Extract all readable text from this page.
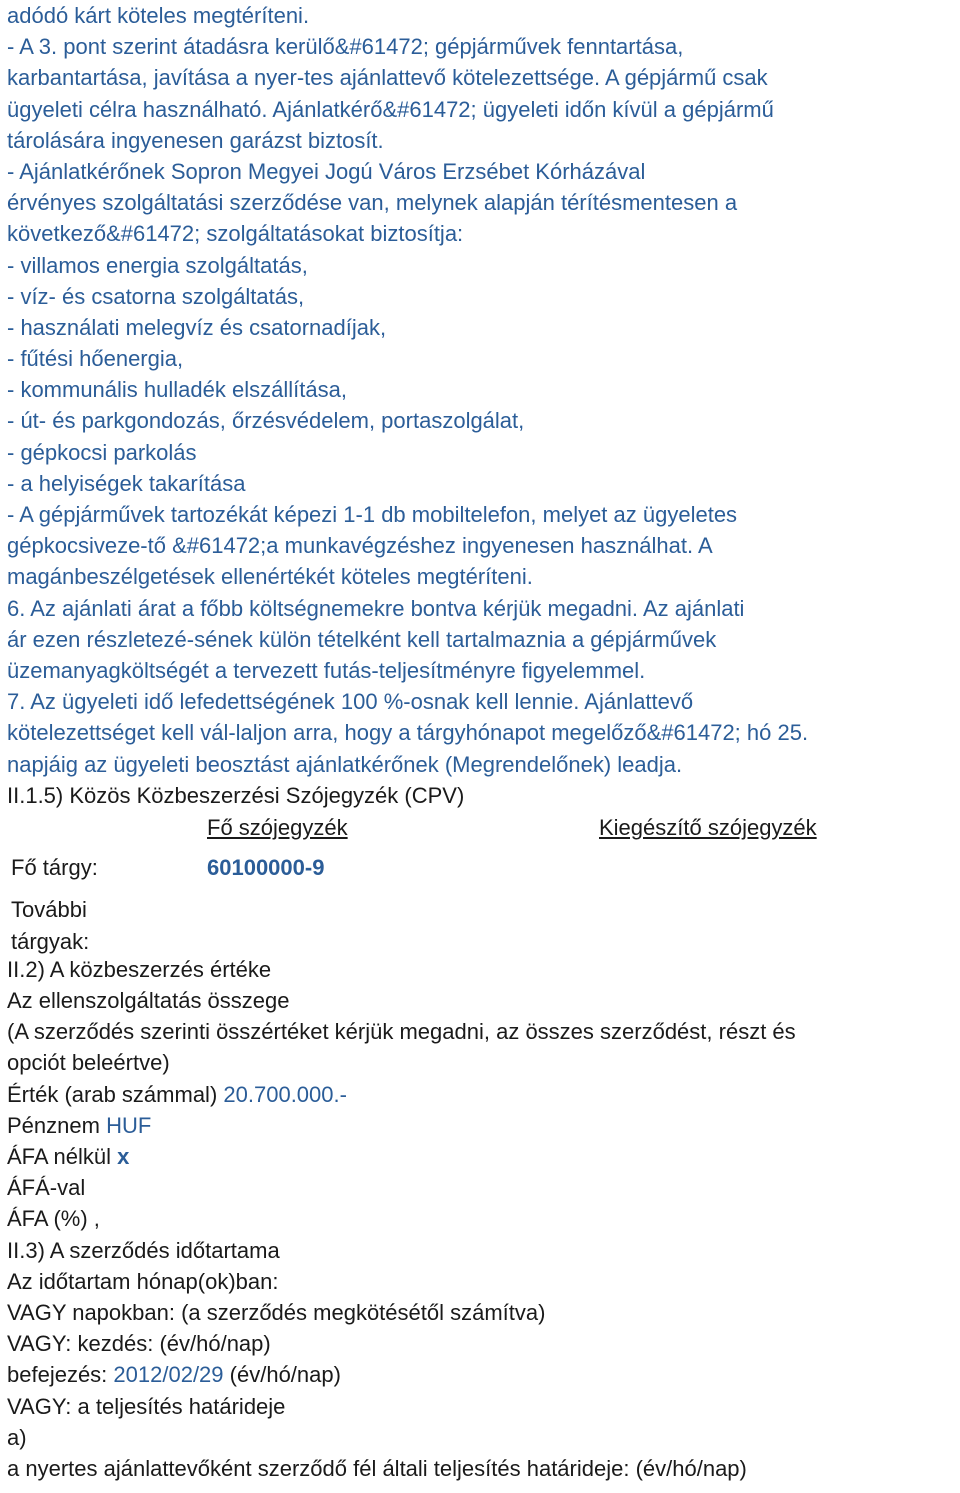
adódó kárt köteles megtéríteni.
- A 3. pont szerint átadásra kerülő&#61472; gépjárművek fenntartása,
karbantartása, javítása a nyer-tes ajánlattevő kötelezettsége. A gépjármű csak
ügyeleti célra használható. Ajánlatkérő&#61472; ügyeleti időn kívül a gépjármű
tárolására ingyenesen garázst biztosít.
- Ajánlatkérőnek Sopron Megyei Jogú Város Erzsébet Kórházával
érvényes szolgáltatási szerződése van, melynek alapján térítésmentesen a
következő&#61472; szolgáltatásokat biztosítja:
- villamos energia szolgáltatás,
- víz- és csatorna szolgáltatás,
- használati melegvíz és csatornadíjak,
- fűtési hőenergia,
- kommunális hulladék elszállítása,
- út- és parkgondozás, őrzésvédelem, portaszolgálat,
- gépkocsi parkolás
- a helyiségek takarítása
- A gépjárművek tartozékát képezi 1-1 db mobiltelefon, melyet az ügyeletes
gépkocsiveze-tő &#61472;a munkavégzéshez ingyenesen használhat. A
magánbeszélgetések ellenértékét köteles megtéríteni.
6. Az ajánlati árat a főbb költségnemekre bontva kérjük megadni. Az ajánlati
ár ezen részletezé-sének külön tételként kell tartalmaznia a gépjárművek
üzemanyagköltségét a tervezett futás-teljesítményre figyelemmel.
7. Az ügyeleti idő lefedettségének 100 %-osnak kell lennie. Ajánlattevő
kötelezettséget kell vál-laljon arra, hogy a tárgyhónapot megelőző&#61472; hó 25.
napjáig az ügyeleti beosztást ajánlatkérőnek (Megrendelőnek) leadja.
II.1.5) Közös Közbeszerzési Szójegyzék (CPV)
Fő szójegyzék	Kiegészítő szójegyzék
Fő tárgy:	60100000-9
További
tárgyak:
II.2) A közbeszerzés értéke
Az ellenszolgáltatás összege
(A szerződés szerinti összértéket kérjük megadni, az összes szerződést, részt és
opciót beleértve)
Érték (arab számmal) 20.700.000.-
Pénznem HUF
ÁFA nélkül x
ÁFÁ-val
ÁFA (%) ,
II.3) A szerződés időtartama
Az időtartam hónap(ok)ban:
VAGY napokban: (a szerződés megkötésétől számítva)
VAGY: kezdés: (év/hó/nap)
befejezés: 2012/02/29 (év/hó/nap)
VAGY: a teljesítés határideje
a)
a nyertes ajánlattevőként szerződő fél általi teljesítés határideje: (év/hó/nap)
